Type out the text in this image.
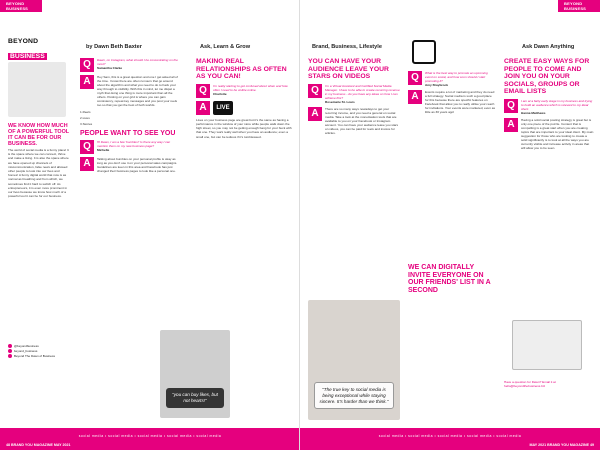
BEYOND BUSINESS
BEYOND
BUSINESS
WE KNOW HOW MUCH OF A POWERFUL TOOL IT CAN BE FOR OUR BUSINESS.
The world of social media is a funny place! It is the space where we can connect, thrive and make a living. It is also the space where we have opened up channels of miscommunication, false news and allowed other people to look into our lives and homes! A funny digital world that now is as normal as breathing and from which, we sometimes find it hard to switch off. As entrepreneurs, it is even more prominent in our lives because we know how much of a powerful tool it can be for our business.
@beyondbusiness
beyond_business
Beyond The Dawn of Business
by Dawn Beth Baxter
Q	Dawn, on Instagram, what should I be concentrating on the most?
Samantha Clarke
A	Hey Sam, this is a great question and one I get asked all of the time. I know there are often rumours that go around about the algorithm and what you need to do to hack your way through to visibility. With this in mind, let me dispel a myth that doing one thing is more important than all the others. Posting on your grid is where you can gain consistency, repeat key messages and you post your reels too so that you get the best of both worlds.

1.Reels

2.Lives

3.Stories

PEOPLE WANT TO SEE YOU
Q	Hi Dawn, I am a few 'bumbles'! Is there any way I can mention them on my new business page?
Michelle
A	Talking about bumbles on your personal profile is okay as long as you don't use it on your personal sales campaigns. Guidelines are keen in this area and Facebook has just changed their business pages to look like a personal one.
Ask, Learn & Grow
MAKING REAL RELATIONSHIPS AS OFTEN AS YOU CAN!
Q	I'm really starting to get confused about when and how often I need to be visible online.
Charlotte
A	LIVE

Lives on your business page are great but it's the same as having a performance in the window of your store while people walk down the high street, so you may not be getting enough bang for your buck with that one. They work really well when you have an audience; even a small one, but can be tedious if it's tumbleweed.

"you can buy likes, but not hearts!"
social media • social media • social media • social media • social media
48 BRAND YOU MAGAZINE MAY 2021
BEYOND BUSINESS
Brand, Business, Lifestyle
YOU CAN HAVE YOUR AUDIENCE LEAVE YOUR STARS ON VIDEOS
Q	I'm a Virtual Assistant and Certified Social Media Manager. I have to be able to create recurring revenue in my business - do you have any ideas on how I can achieve this?
Rosemarie St. Louis
A	There are so many ways nowadays to get your recurring income, and you need a general on social media. Take a look at the monetisation tools that are available to you on your Facebook or Instagram account. You can have your audience leave you stars on videos, you can be paid for reels and invoice for articles.
"The true key to social media is being exceptional while staying sincere. It's harder than we think."
Q	What is the best way to promote an upcoming event on social, and how soon should I start promoting it?
Amy Braybrook
A	Events require a lot of marketing and they do need a full strategy. Social media is such a good place for this because there are specific features on Facebook that allow you to really utilise your reach for invitations. Your events were marketed, even as little as 30 years ago!
WE CAN DIGITALLY INVITE EVERYONE ON OUR FRIENDS' LIST IN A SECOND
Ask Dawn Anything
CREATE EASY WAYS FOR PEOPLE TO COME AND JOIN YOU ON YOUR SOCIALS, GROUPS OR EMAIL LISTS
Q	I am at a fairly early stage in my business and trying to build an audience which is relevant to my ideal client.
Hanna Matthews
A	Having a solid social posting strategy is great but is only one piece of the puzzle. Content that is compelling is a great start when you are creating topics that are important to your ideal client. My main suggestion for those who are looking to create a solid significantly is to look at all the ways you are currently visible and increase activity in areas that will allow you to be seen.
Have a question for Dawn? Email it at hello@beyondthebusiness.biz
social media • social media • social media • social media • social media
MAY 2021 BRAND YOU MAGAZINE 49
